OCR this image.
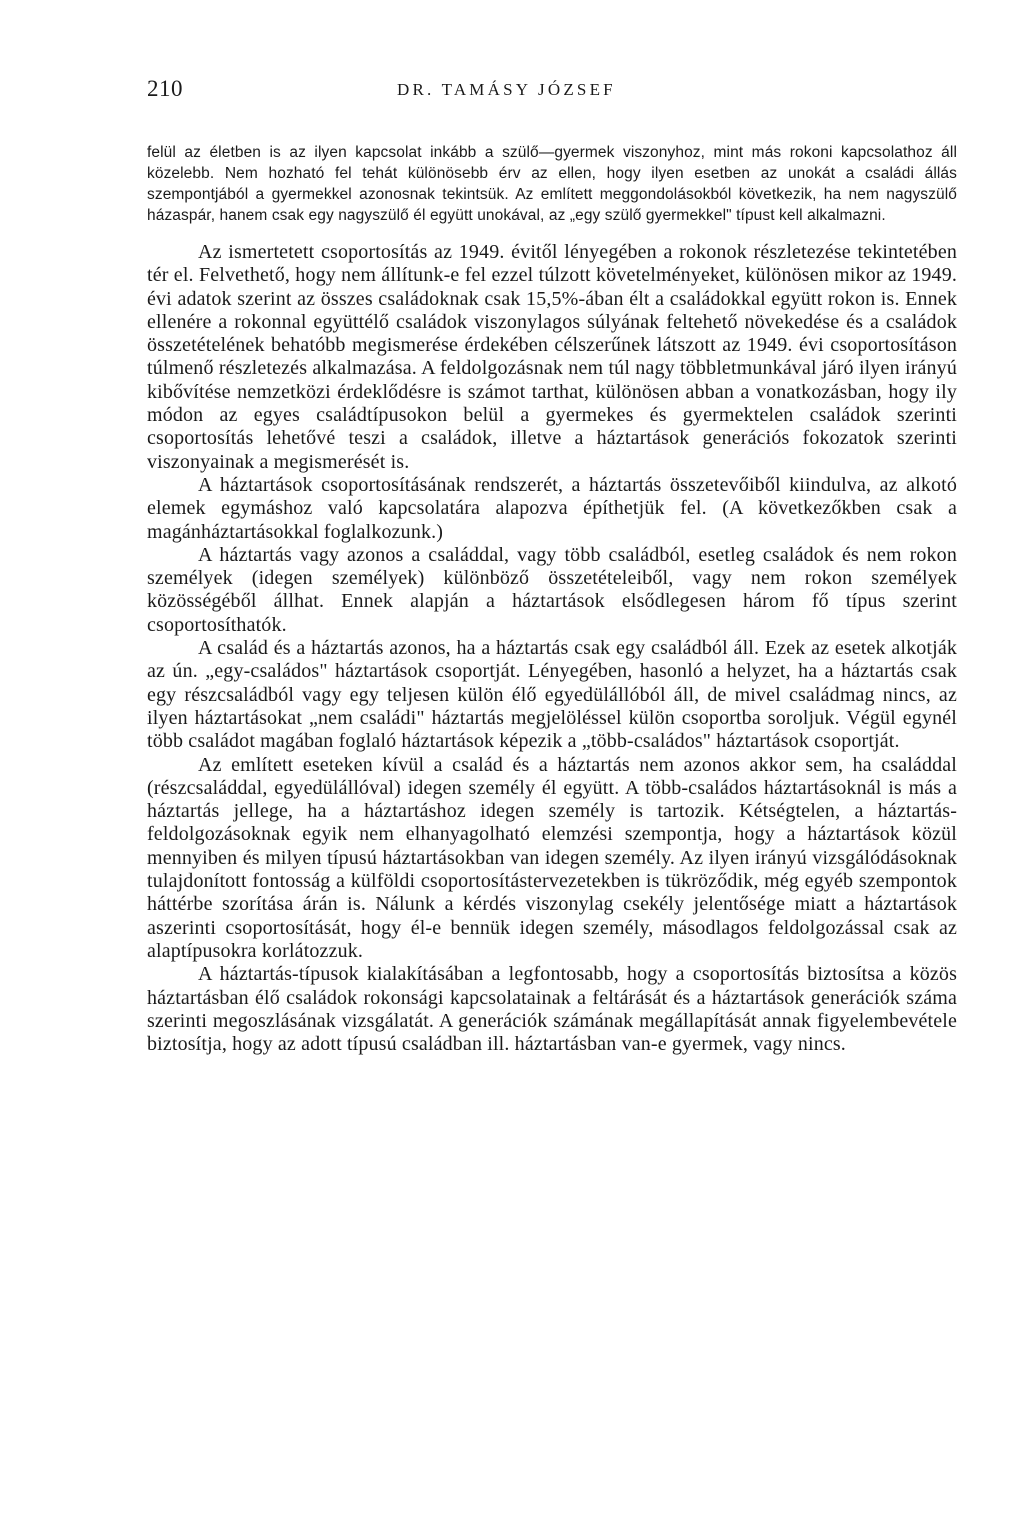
210	DR. TAMÁSY JÓZSEF

felül az életben is az ilyen kapcsolat inkább a szülő—gyermek viszonyhoz, mint más rokoni kapcsolathoz áll közelebb. Nem hozható fel tehát különösebb érv az ellen, hogy ilyen esetben az unokát a családi állás szempontjából a gyermekkel azonosnak tekintsük. Az említett meggondolásokból következik, ha nem nagyszülő házaspár, hanem csak egy nagyszülő él együtt unokával, az „egy szülő gyermekkel" típust kell alkalmazni.

Az ismertetett csoportosítás az 1949. évitől lényegében a rokonok részletezése tekintetében tér el. Felvethető, hogy nem állítunk-e fel ezzel túlzott követelményeket, különösen mikor az 1949. évi adatok szerint az összes családoknak csak 15,5%-ában élt a családokkal együtt rokon is. Ennek ellenére a rokonnal együttélő családok viszonylagos súlyának feltehető növekedése és a családok összetételének behatóbb megismerése érdekében célszerűnek látszott az 1949. évi csoportosításon túlmenő részletezés alkalmazása. A feldolgozásnak nem túl nagy többletmunkával járó ilyen irányú kibővítése nemzetközi érdeklődésre is számot tarthat, különösen abban a vonatkozásban, hogy ily módon az egyes családtípusokon belül a gyermekes és gyermektelen családok szerinti csoportosítás lehetővé teszi a családok, illetve a háztartások generációs fokozatok szerinti viszonyainak a megismerését is.

A háztartások csoportosításának rendszerét, a háztartás összetevőiből kiindulva, az alkotó elemek egymáshoz való kapcsolatára alapozva építhetjük fel. (A következőkben csak a magánháztartásokkal foglalkozunk.)

A háztartás vagy azonos a családdal, vagy több családból, esetleg családok és nem rokon személyek (idegen személyek) különböző összetételeiből, vagy nem rokon személyek közösségéből állhat. Ennek alapján a háztartások elsődlegesen három fő típus szerint csoportosíthatók.

A család és a háztartás azonos, ha a háztartás csak egy családból áll. Ezek az esetek alkotják az ún. „egy-családos" háztartások csoportját. Lényegében, hasonló a helyzet, ha a háztartás csak egy részcsaládból vagy egy teljesen külön élő egyedülállóból áll, de mivel családmag nincs, az ilyen háztartásokat „nem családi" háztartás megjelöléssel külön csoportba soroljuk. Végül egynél több családot magában foglaló háztartások képezik a „több-családos" háztartások csoportját.

Az említett eseteken kívül a család és a háztartás nem azonos akkor sem, ha családdal (részcsaláddal, egyedülállóval) idegen személy él együtt. A több-családos háztartásoknál is más a háztartás jellege, ha a háztartáshoz idegen személy is tartozik. Kétségtelen, a háztartás-feldolgozásoknak egyik nem elhanyagolható elemzési szempontja, hogy a háztartások közül mennyiben és milyen típusú háztartásokban van idegen személy. Az ilyen irányú vizsgálódásoknak tulajdonított fontosság a külföldi csoportosítástervezetekben is tükröződik, még egyéb szempontok háttérbe szorítása árán is. Nálunk a kérdés viszonylag csekély jelentősége miatt a háztartások aszerinti csoportosítását, hogy él-e bennük idegen személy, másodlagos feldolgozással csak az alaptípusokra korlátozzuk.

A háztartás-típusok kialakításában a legfontosabb, hogy a csoportosítás biztosítsa a közös háztartásban élő családok rokonsági kapcsolatainak a feltárását és a háztartások generációk száma szerinti megoszlásának vizsgálatát. A generációk számának megállapítását annak figyelembevétele biztosítja, hogy az adott típusú családban ill. háztartásban van-e gyermek, vagy nincs.
